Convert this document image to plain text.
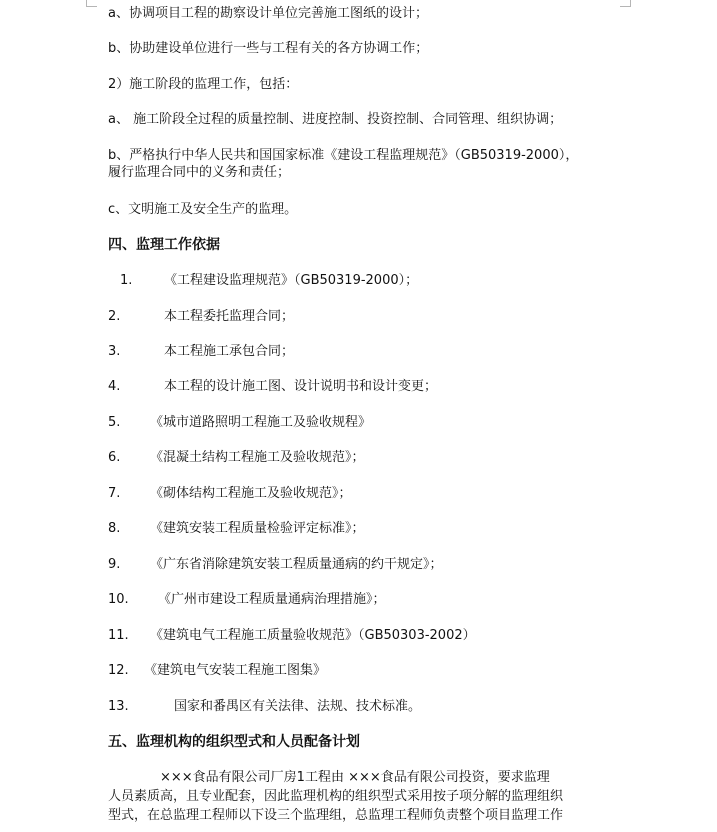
a、协调项目工程的勘察设计单位完善施工图纸的设计；
b、协助建设单位进行一些与工程有关的各方协调工作；
2）施工阶段的监理工作，包括：
a、 施工阶段全过程的质量控制、进度控制、投资控制、合同管理、组织协调；
b、严格执行中华人民共和国国家标准《建设工程监理规范》（GB50319-2000），
履行监理合同中的义务和责任；
c、文明施工及安全生产的监理。
四、监理工作依据
1. 《工程建设监理规范》（GB50319-2000）；
2.	本工程委托监理合同；
3.	本工程施工承包合同；
4.	本工程的设计施工图、设计说明书和设计变更；
5. 《城市道路照明工程施工及验收规程》
6. 《混凝土结构工程施工及验收规范》；
7. 《砌体结构工程施工及验收规范》；
8. 《建筑安装工程质量检验评定标准》；
9. 《广东省消除建筑安装工程质量通病的约干规定》；
10. 《广州市建设工程质量通病治理措施》；
11. 《建筑电气工程施工质量验收规范》（GB50303-2002）
12. 《建筑电气安装工程施工图集》
13.	国家和番禺区有关法律、法规、技术标准。
五、监理机构的组织型式和人员配备计划
×××食品有限公司厂房1工程由 ×××食品有限公司投资，要求监理
人员素质高，且专业配套，因此监理机构的组织型式采用按子项分解的监理组织
型式，在总监理工程师以下设三个监理组，总监理工程师负责整个项目监理工作
